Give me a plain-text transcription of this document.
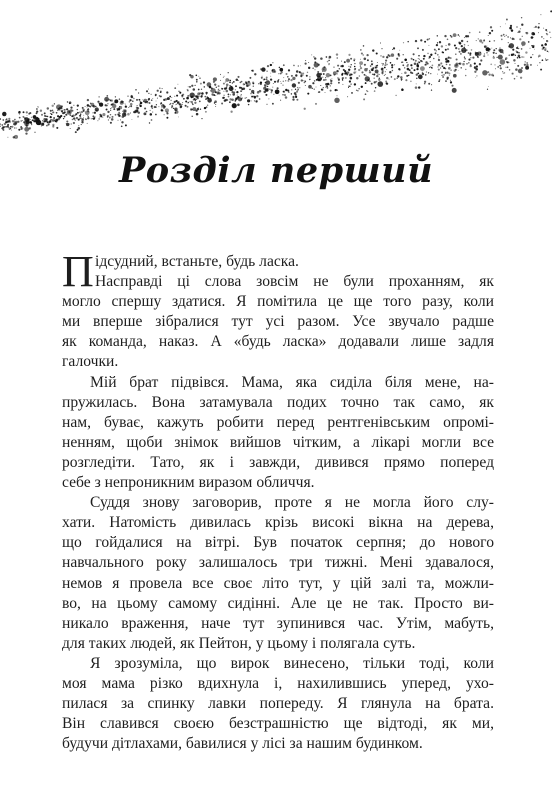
Розділ перший
П ідсудний, встаньте, будь ласка.
Насправді ці слова зовсім не були проханням, як
могло спершу здатися. Я помітила це ще того разу, коли
ми вперше зібралися тут усі разом. Усе звучало радше
як команда, наказ. А «будь ласка» додавали лише задля
галочки.
Мій брат підвівся. Мама, яка сиділа біля мене, на-
пружилась. Вона затамувала подих точно так само, як
нам, буває, кажуть робити перед рентгенівським опромі-
ненням, щоби знімок вийшов чітким, а лікарі могли все
розгледіти. Тато, як і завжди, дивився прямо поперед
себе з непроникним виразом обличчя.
Суддя знову заговорив, проте я не могла його слу-
хати. Натомість дивилась крізь високі вікна на дерева,
що гойдалися на вітрі. Був початок серпня; до нового
навчального року залишалось три тижні. Мені здавалося,
немов я провела все своє літо тут, у цій залі та, можли-
во, на цьому самому сидінні. Але це не так. Просто ви-
никало враження, наче тут зупинився час. Утім, мабуть,
для таких людей, як Пейтон, у цьому і полягала суть.
Я зрозуміла, що вирок винесено, тільки тоді, коли
моя мама різко вдихнула і, нахилившись уперед, ухо-
пилася за спинку лавки попереду. Я глянула на брата.
Він славився своєю безстрашністю ще відтоді, як ми,
будучи дітлахами, бавилися у лісі за нашим будинком.
